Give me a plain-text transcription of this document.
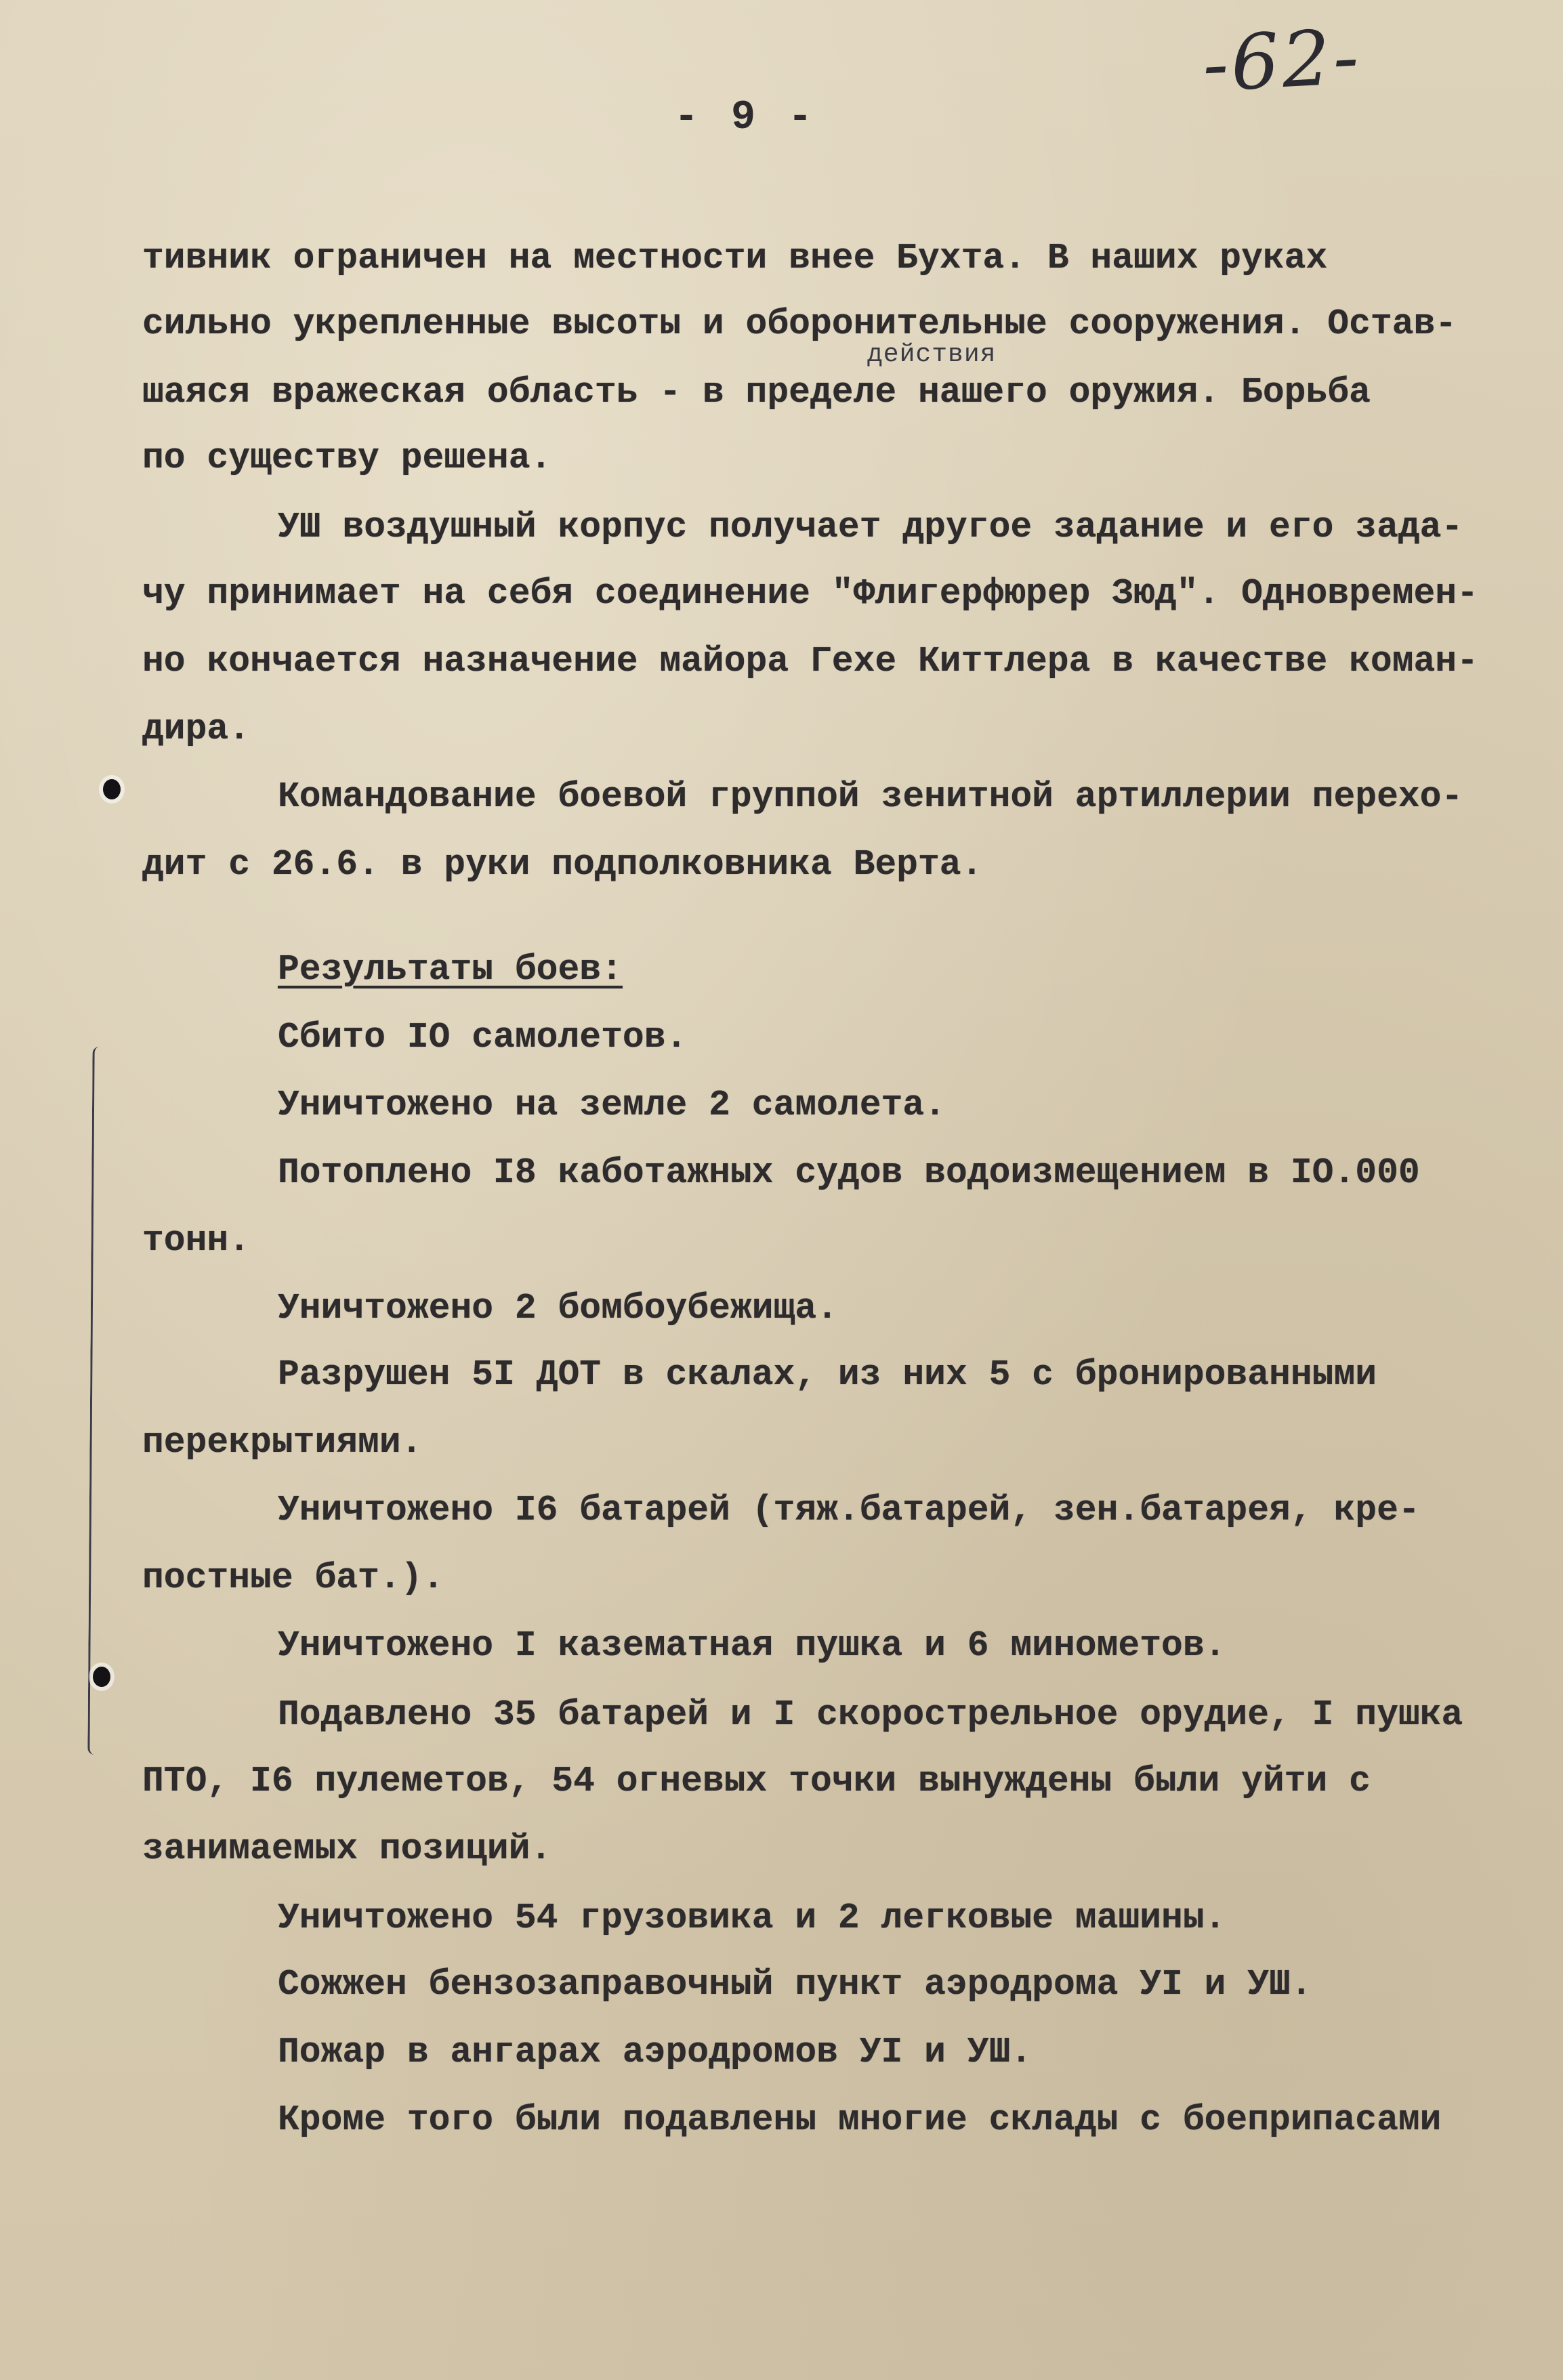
-62-
- 9 -
действия
тивник ограничен на местности внее Бухта. В наших руках
сильно укрепленные высоты и оборонительные сооружения. Остав-
шаяся вражеская область - в пределе нашего оружия. Борьба
по существу решена.
УШ воздушный корпус получает другое задание и его зада-
чу принимает на себя соединение "Флигерфюрер Зюд". Одновремен-
но кончается назначение майора Гехе Киттлера в качестве коман-
дира.
Командование боевой группой зенитной артиллерии перехо-
дит с 26.6. в руки подполковника Верта.
Результаты боев:
Сбито IO самолетов.
Уничтожено на земле 2 самолета.
Потоплено I8 каботажных судов водоизмещением в IO.000
тонн.
Уничтожено 2 бомбоубежища.
Разрушен 5I ДОТ в скалах, из них 5 с бронированными
перекрытиями.
Уничтожено I6 батарей (тяж.батарей, зен.батарея, кре-
постные бат.).
Уничтожено I казематная пушка и 6 минометов.
Подавлено 35 батарей и I скорострельное орудие, I пушка
ПТО, I6 пулеметов, 54 огневых точки вынуждены были уйти с
занимаемых позиций.
Уничтожено 54 грузовика и 2 легковые машины.
Сожжен бензозаправочный пункт аэродрома УI и УШ.
Пожар в ангарах аэродромов УI и УШ.
Кроме того были подавлены многие склады с боеприпасами
